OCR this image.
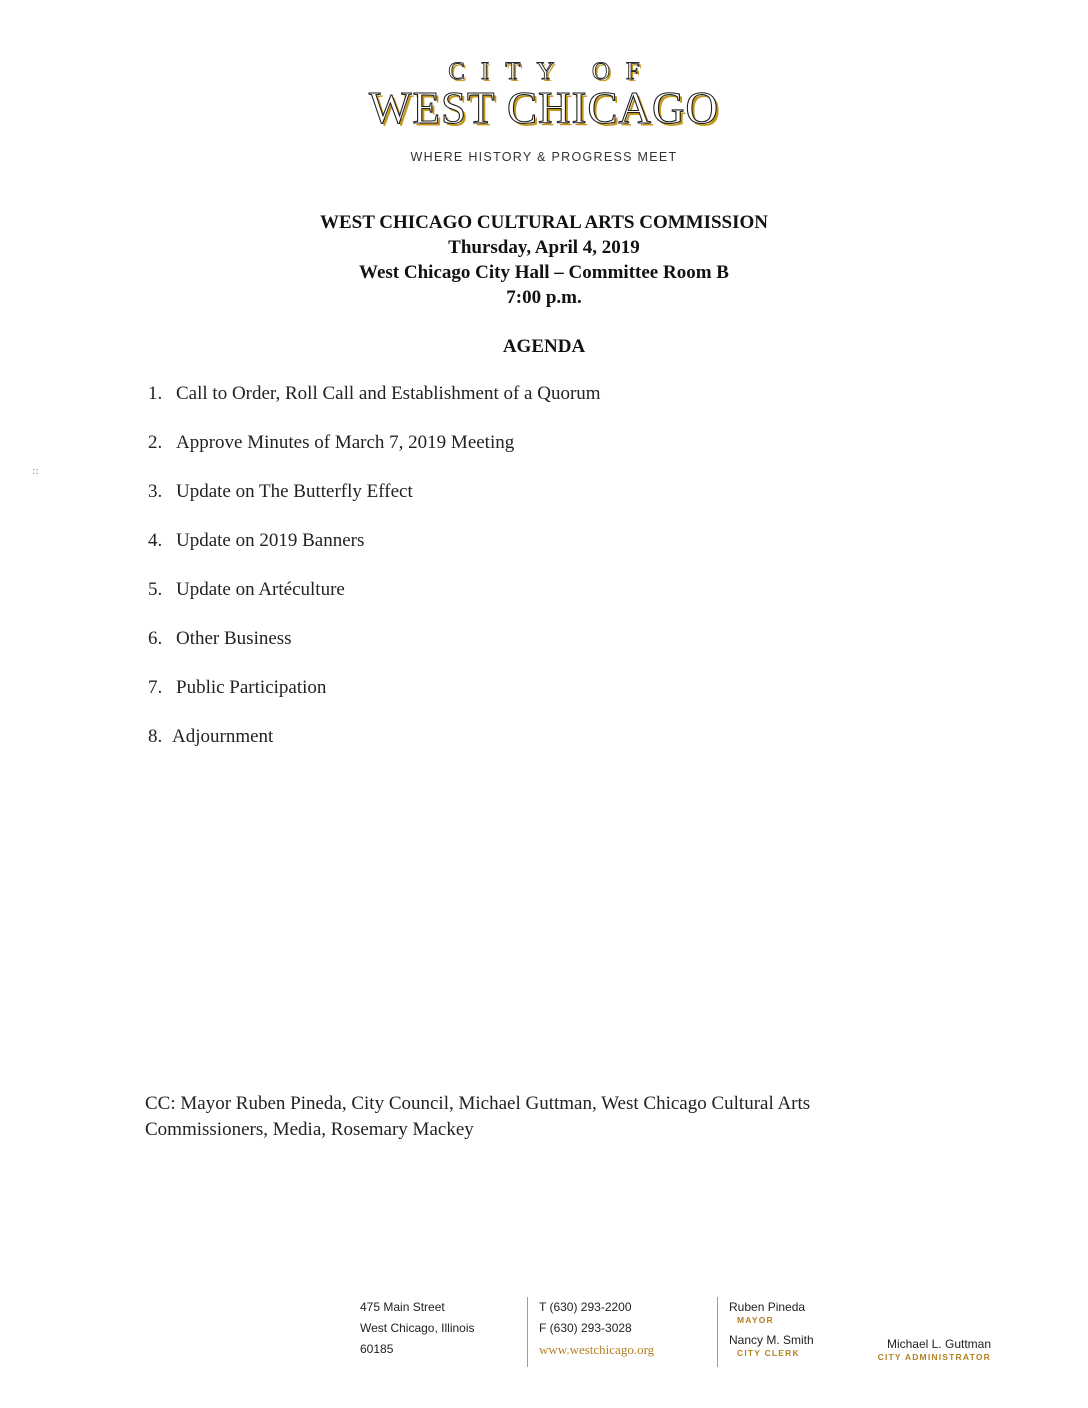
CITY OF
WEST CHICAGO
WHERE HISTORY & PROGRESS MEET
WEST CHICAGO CULTURAL ARTS COMMISSION
Thursday, April 4, 2019
West Chicago City Hall – Committee Room B
7:00 p.m.
AGENDA
1. Call to Order, Roll Call and Establishment of a Quorum
2. Approve Minutes of March 7, 2019 Meeting
3. Update on The Butterfly Effect
4. Update on 2019 Banners
5. Update on Artéculture
6. Other Business
7. Public Participation
8. Adjournment
::
CC: Mayor Ruben Pineda, City Council, Michael Guttman, West Chicago Cultural Arts Commissioners, Media, Rosemary Mackey
475 Main Street
West Chicago, Illinois
60185
T (630) 293-2200
F (630) 293-3028
www.westchicago.org
Ruben Pineda
MAYOR
Nancy M. Smith
CITY CLERK
Michael L. Guttman
CITY ADMINISTRATOR
